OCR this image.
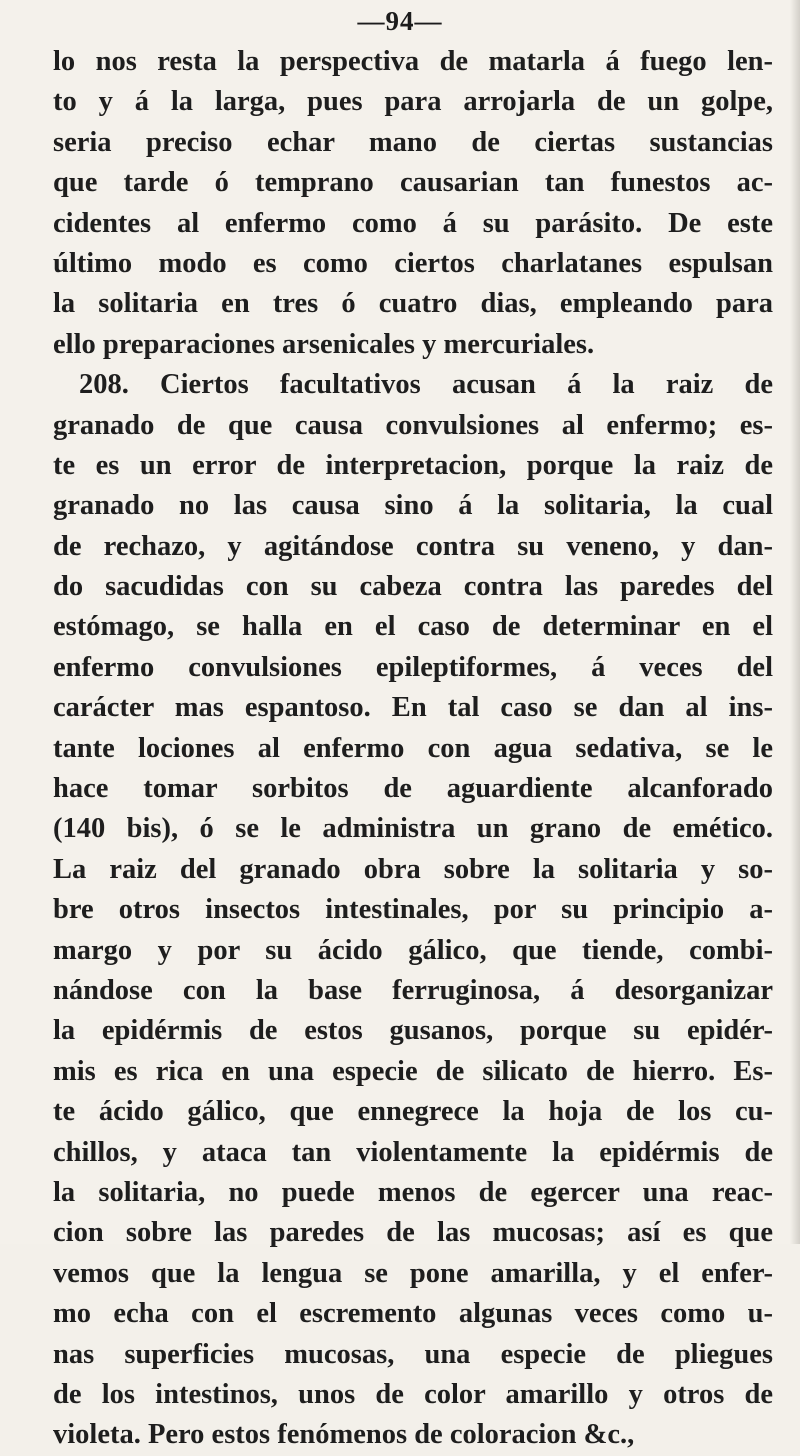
—94—
lo nos resta la perspectiva de matarla á fuego len-
to y á la larga, pues para arrojarla de un golpe,
seria preciso echar mano de ciertas sustancias
que tarde ó temprano causarian tan funestos ac-
cidentes al enfermo como á su parásito. De este
último modo es como ciertos charlatanes espulsan
la solitaria en tres ó cuatro dias, empleando para
ello preparaciones arsenicales y mercuriales.
208. Ciertos facultativos acusan á la raiz de
granado de que causa convulsiones al enfermo; es-
te es un error de interpretacion, porque la raiz de
granado no las causa sino á la solitaria, la cual
de rechazo, y agitándose contra su veneno, y dan-
do sacudidas con su cabeza contra las paredes del
estómago, se halla en el caso de determinar en el
enfermo convulsiones epileptiformes, á veces del
carácter mas espantoso. En tal caso se dan al ins-
tante lociones al enfermo con agua sedativa, se le
hace tomar sorbitos de aguardiente alcanforado
(140 bis), ó se le administra un grano de emético.
La raiz del granado obra sobre la solitaria y so-
bre otros insectos intestinales, por su principio a-
margo y por su ácido gálico, que tiende, combi-
nándose con la base ferruginosa, á desorganizar
la epidérmis de estos gusanos, porque su epidér-
mis es rica en una especie de silicato de hierro. Es-
te ácido gálico, que ennegrece la hoja de los cu-
chillos, y ataca tan violentamente la epidérmis de
la solitaria, no puede menos de egercer una reac-
cion sobre las paredes de las mucosas; así es que
vemos que la lengua se pone amarilla, y el enfer-
mo echa con el escremento algunas veces como u-
nas superficies mucosas, una especie de pliegues
de los intestinos, unos de color amarillo y otros de
violeta. Pero estos fenómenos de coloracion &c.,
